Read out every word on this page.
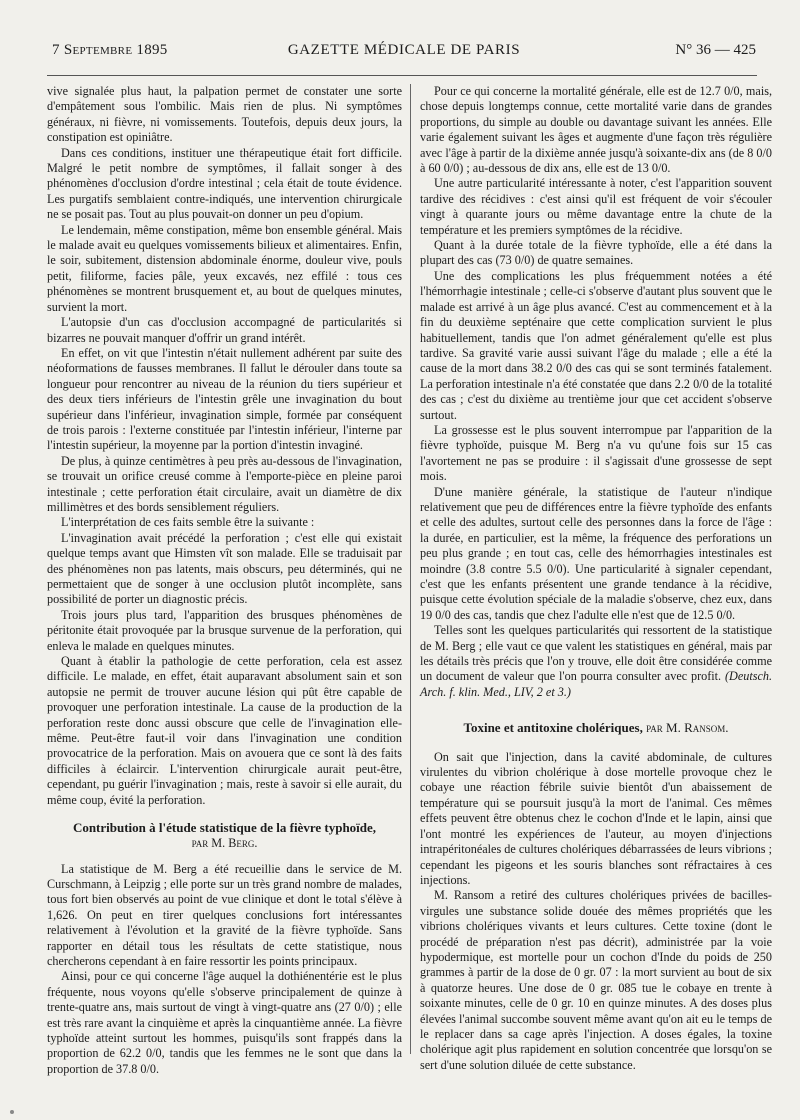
7 Septembre 1895	GAZETTE MÉDICALE DE PARIS	N° 36 — 425

vive signalée plus haut, la palpation permet de constater une sorte d'empâtement sous l'ombilic. Mais rien de plus. Ni symptômes généraux, ni fièvre, ni vomissements. Toutefois, depuis deux jours, la constipation est opiniâtre.

Dans ces conditions, instituer une thérapeutique était fort difficile. Malgré le petit nombre de symptômes, il fallait songer à des phénomènes d'occlusion d'ordre intestinal ; cela était de toute évidence. Les purgatifs semblaient contre-indiqués, une intervention chirurgicale ne se posait pas. Tout au plus pouvait-on donner un peu d'opium.

Le lendemain, même constipation, même bon ensemble général. Mais le malade avait eu quelques vomissements bilieux et alimentaires. Enfin, le soir, subitement, distension abdominale énorme, douleur vive, pouls petit, filiforme, facies pâle, yeux excavés, nez effilé : tous ces phénomènes se montrent brusquement et, au bout de quelques minutes, survient la mort.

L'autopsie d'un cas d'occlusion accompagné de particularités si bizarres ne pouvait manquer d'offrir un grand intérêt.

En effet, on vit que l'intestin n'était nullement adhérent par suite des néoformations de fausses membranes. Il fallut le dérouler dans toute sa longueur pour rencontrer au niveau de la réunion du tiers supérieur et des deux tiers inférieurs de l'intestin grêle une invagination du bout supérieur dans l'inférieur, invagination simple, formée par conséquent de trois parois : l'externe constituée par l'intestin inférieur, l'interne par l'intestin supérieur, la moyenne par la portion d'intestin invaginé.

De plus, à quinze centimètres à peu près au-dessous de l'invagination, se trouvait un orifice creusé comme à l'emporte-pièce en pleine paroi intestinale ; cette perforation était circulaire, avait un diamètre de dix millimètres et des bords sensiblement réguliers.

L'interprétation de ces faits semble être la suivante :

L'invagination avait précédé la perforation ; c'est elle qui existait quelque temps avant que Himsten vît son malade. Elle se traduisait par des phénomènes non pas latents, mais obscurs, peu déterminés, qui ne permettaient que de songer à une occlusion plutôt incomplète, sans possibilité de porter un diagnostic précis.

Trois jours plus tard, l'apparition des brusques phénomènes de péritonite était provoquée par la brusque survenue de la perforation, qui enleva le malade en quelques minutes.

Quant à établir la pathologie de cette perforation, cela est assez difficile. Le malade, en effet, était auparavant absolument sain et son autopsie ne permit de trouver aucune lésion qui pût être capable de provoquer une perforation intestinale. La cause de la production de la perforation reste donc aussi obscure que celle de l'invagination elle-même. Peut-être faut-il voir dans l'invagination une condition provocatrice de la perforation. Mais on avouera que ce sont là des faits difficiles à éclaircir. L'intervention chirurgicale aurait peut-être, cependant, pu guérir l'invagination ; mais, reste à savoir si elle aurait, du même coup, évité la perforation.

Contribution à l'étude statistique de la fièvre typhoïde,
par M. Berg.

La statistique de M. Berg a été recueillie dans le service de M. Curschmann, à Leipzig ; elle porte sur un très grand nombre de malades, tous fort bien observés au point de vue clinique et dont le total s'élève à 1,626. On peut en tirer quelques conclusions fort intéressantes relativement à l'évolution et la gravité de la fièvre typhoïde. Sans rapporter en détail tous les résultats de cette statistique, nous chercherons cependant à en faire ressortir les points principaux.

Ainsi, pour ce qui concerne l'âge auquel la dothiénentérie est le plus fréquente, nous voyons qu'elle s'observe principalement de quinze à trente-quatre ans, mais surtout de vingt à vingt-quatre ans (27 0/0) ; elle est très rare avant la cinquième et après la cinquantième année. La fièvre typhoïde atteint surtout les hommes, puisqu'ils sont frappés dans la proportion de 62.2 0/0, tandis que les femmes ne le sont que dans la proportion de 37.8 0/0.

Pour ce qui concerne la mortalité générale, elle est de 12.7 0/0, mais, chose depuis longtemps connue, cette mortalité varie dans de grandes proportions, du simple au double ou davantage suivant les années. Elle varie également suivant les âges et augmente d'une façon très régulière avec l'âge à partir de la dixième année jusqu'à soixante-dix ans (de 8 0/0 à 60 0/0) ; au-dessous de dix ans, elle est de 13 0/0.

Une autre particularité intéressante à noter, c'est l'apparition souvent tardive des récidives : c'est ainsi qu'il est fréquent de voir s'écouler vingt à quarante jours ou même davantage entre la chute de la température et les premiers symptômes de la récidive.

Quant à la durée totale de la fièvre typhoïde, elle a été dans la plupart des cas (73 0/0) de quatre semaines.

Une des complications les plus fréquemment notées a été l'hémorrhagie intestinale ; celle-ci s'observe d'autant plus souvent que le malade est arrivé à un âge plus avancé. C'est au commencement et à la fin du deuxième septénaire que cette complication survient le plus habituellement, tandis que l'on admet généralement qu'elle est plus tardive. Sa gravité varie aussi suivant l'âge du malade ; elle a été la cause de la mort dans 38.2 0/0 des cas qui se sont terminés fatalement. La perforation intestinale n'a été constatée que dans 2.2 0/0 de la totalité des cas ; c'est du dixième au trentième jour que cet accident s'observe surtout.

La grossesse est le plus souvent interrompue par l'apparition de la fièvre typhoïde, puisque M. Berg n'a vu qu'une fois sur 15 cas l'avortement ne pas se produire : il s'agissait d'une grossesse de sept mois.

D'une manière générale, la statistique de l'auteur n'indique relativement que peu de différences entre la fièvre typhoïde des enfants et celle des adultes, surtout celle des personnes dans la force de l'âge : la durée, en particulier, est la même, la fréquence des perforations un peu plus grande ; en tout cas, celle des hémorrhagies intestinales est moindre (3.8 contre 5.5 0/0). Une particularité à signaler cependant, c'est que les enfants présentent une grande tendance à la récidive, puisque cette évolution spéciale de la maladie s'observe, chez eux, dans 19 0/0 des cas, tandis que chez l'adulte elle n'est que de 12.5 0/0.

Telles sont les quelques particularités qui ressortent de la statistique de M. Berg ; elle vaut ce que valent les statistiques en général, mais par les détails très précis que l'on y trouve, elle doit être considérée comme un document de valeur que l'on pourra consulter avec profit. (Deutsch. Arch. f. klin. Med., LIV, 2 et 3.)

Toxine et antitoxine cholériques, par M. Ransom.

On sait que l'injection, dans la cavité abdominale, de cultures virulentes du vibrion cholérique à dose mortelle provoque chez le cobaye une réaction fébrile suivie bientôt d'un abaissement de température qui se poursuit jusqu'à la mort de l'animal. Ces mêmes effets peuvent être obtenus chez le cochon d'Inde et le lapin, ainsi que l'ont montré les expériences de l'auteur, au moyen d'injections intrapéritonéales de cultures cholériques débarrassées de leurs vibrions ; cependant les pigeons et les souris blanches sont réfractaires à ces injections.

M. Ransom a retiré des cultures cholériques privées de bacilles-virgules une substance solide douée des mêmes propriétés que les vibrions cholériques vivants et leurs cultures. Cette toxine (dont le procédé de préparation n'est pas décrit), administrée par la voie hypodermique, est mortelle pour un cochon d'Inde du poids de 250 grammes à partir de la dose de 0 gr. 07 : la mort survient au bout de six à quatorze heures. Une dose de 0 gr. 085 tue le cobaye en trente à soixante minutes, celle de 0 gr. 10 en quinze minutes. A des doses plus élevées l'animal succombe souvent même avant qu'on ait eu le temps de le replacer dans sa cage après l'injection. A doses égales, la toxine cholérique agit plus rapidement en solution concentrée que lorsqu'on se sert d'une solution diluée de cette substance.
